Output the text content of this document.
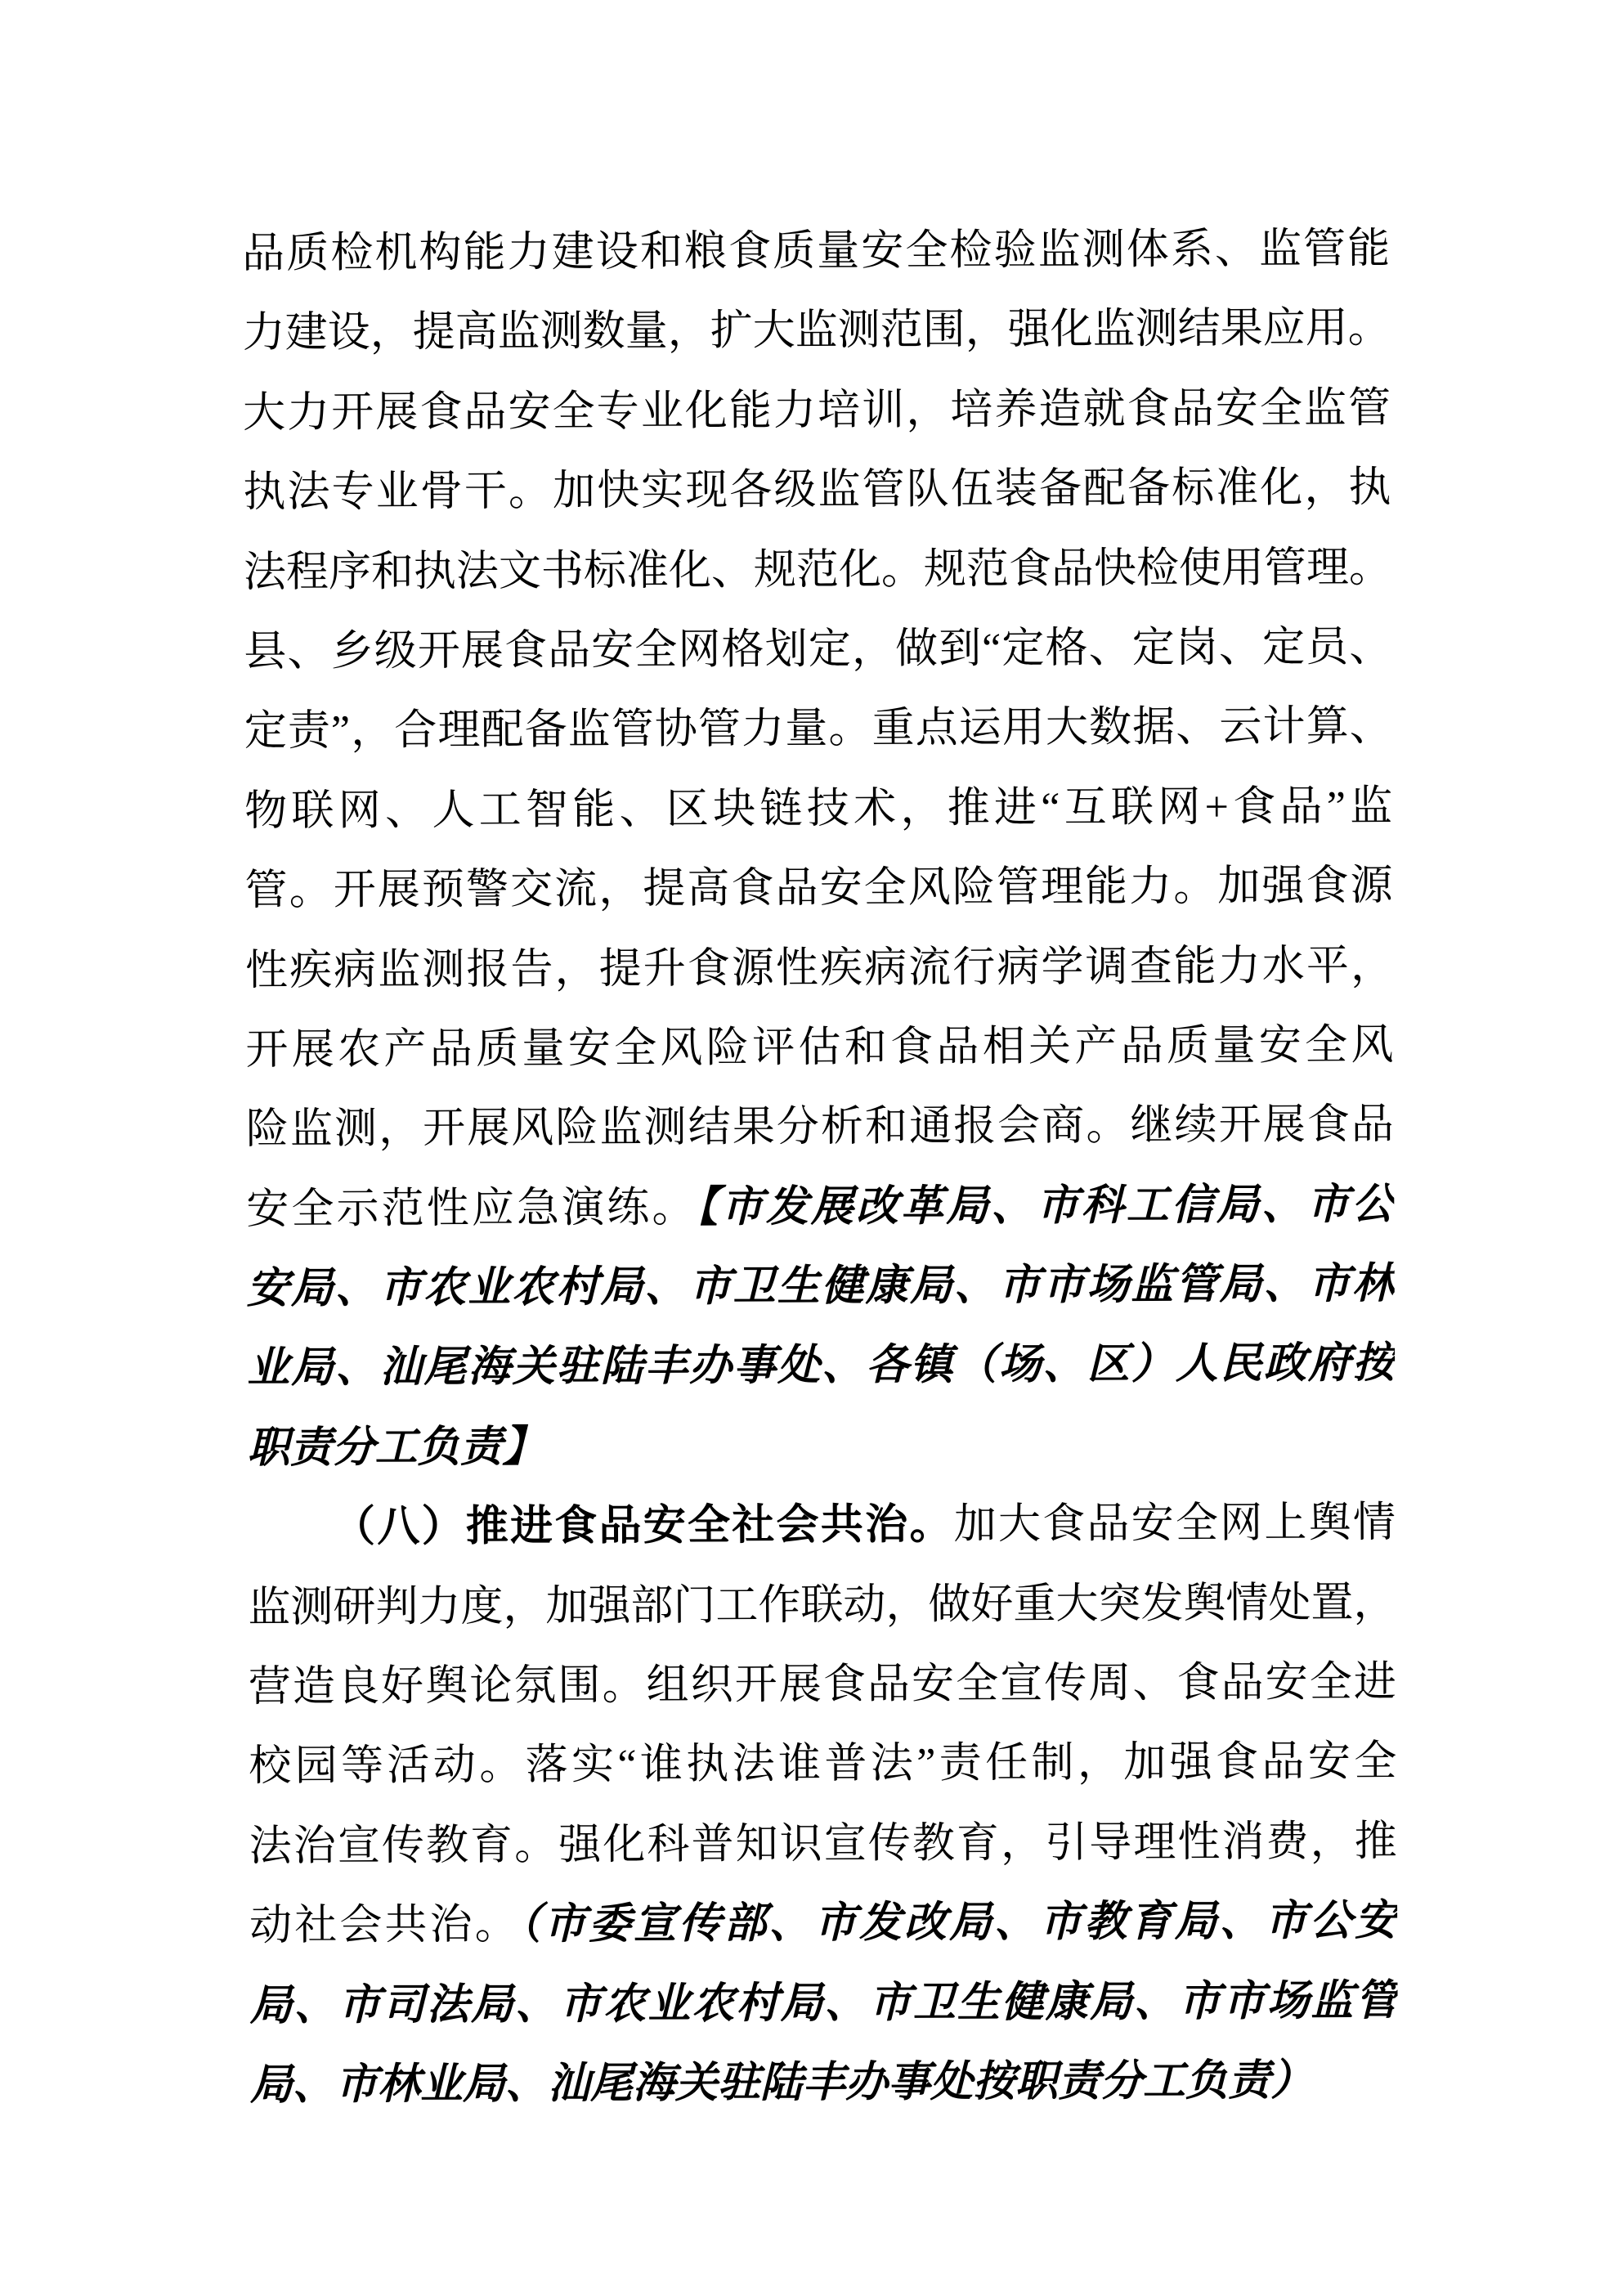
品质检机构能力建设和粮食质量安全检验监测体系、监管能
力建设，提高监测数量，扩大监测范围，强化监测结果应用。
大力开展食品安全专业化能力培训，培养造就食品安全监管
执法专业骨干。加快实现各级监管队伍装备配备标准化，执
法程序和执法文书标准化、规范化。规范食品快检使用管理。
县、乡级开展食品安全网格划定，做到“定格、定岗、定员、
定责”，合理配备监管协管力量。重点运用大数据、云计算、
物联网、人工智能、区块链技术，推进“互联网+食品”监
管。开展预警交流，提高食品安全风险管理能力。加强食源
性疾病监测报告，提升食源性疾病流行病学调查能力水平，
开展农产品质量安全风险评估和食品相关产品质量安全风
险监测，开展风险监测结果分析和通报会商。继续开展食品
安全示范性应急演练。【市发展改革局、市科工信局、市公
安局、市农业农村局、市卫生健康局、市市场监管局、市林
业局、汕尾海关驻陆丰办事处、各镇（场、区）人民政府按
职责分工负责】
（八）推进食品安全社会共治。加大食品安全网上舆情
监测研判力度，加强部门工作联动，做好重大突发舆情处置，
营造良好舆论氛围。组织开展食品安全宣传周、食品安全进
校园等活动。落实“谁执法谁普法”责任制，加强食品安全
法治宣传教育。强化科普知识宣传教育，引导理性消费，推
动社会共治。（市委宣传部、市发改局、市教育局、市公安
局、市司法局、市农业农村局、市卫生健康局、市市场监管
局、市林业局、汕尾海关驻陆丰办事处按职责分工负责）
